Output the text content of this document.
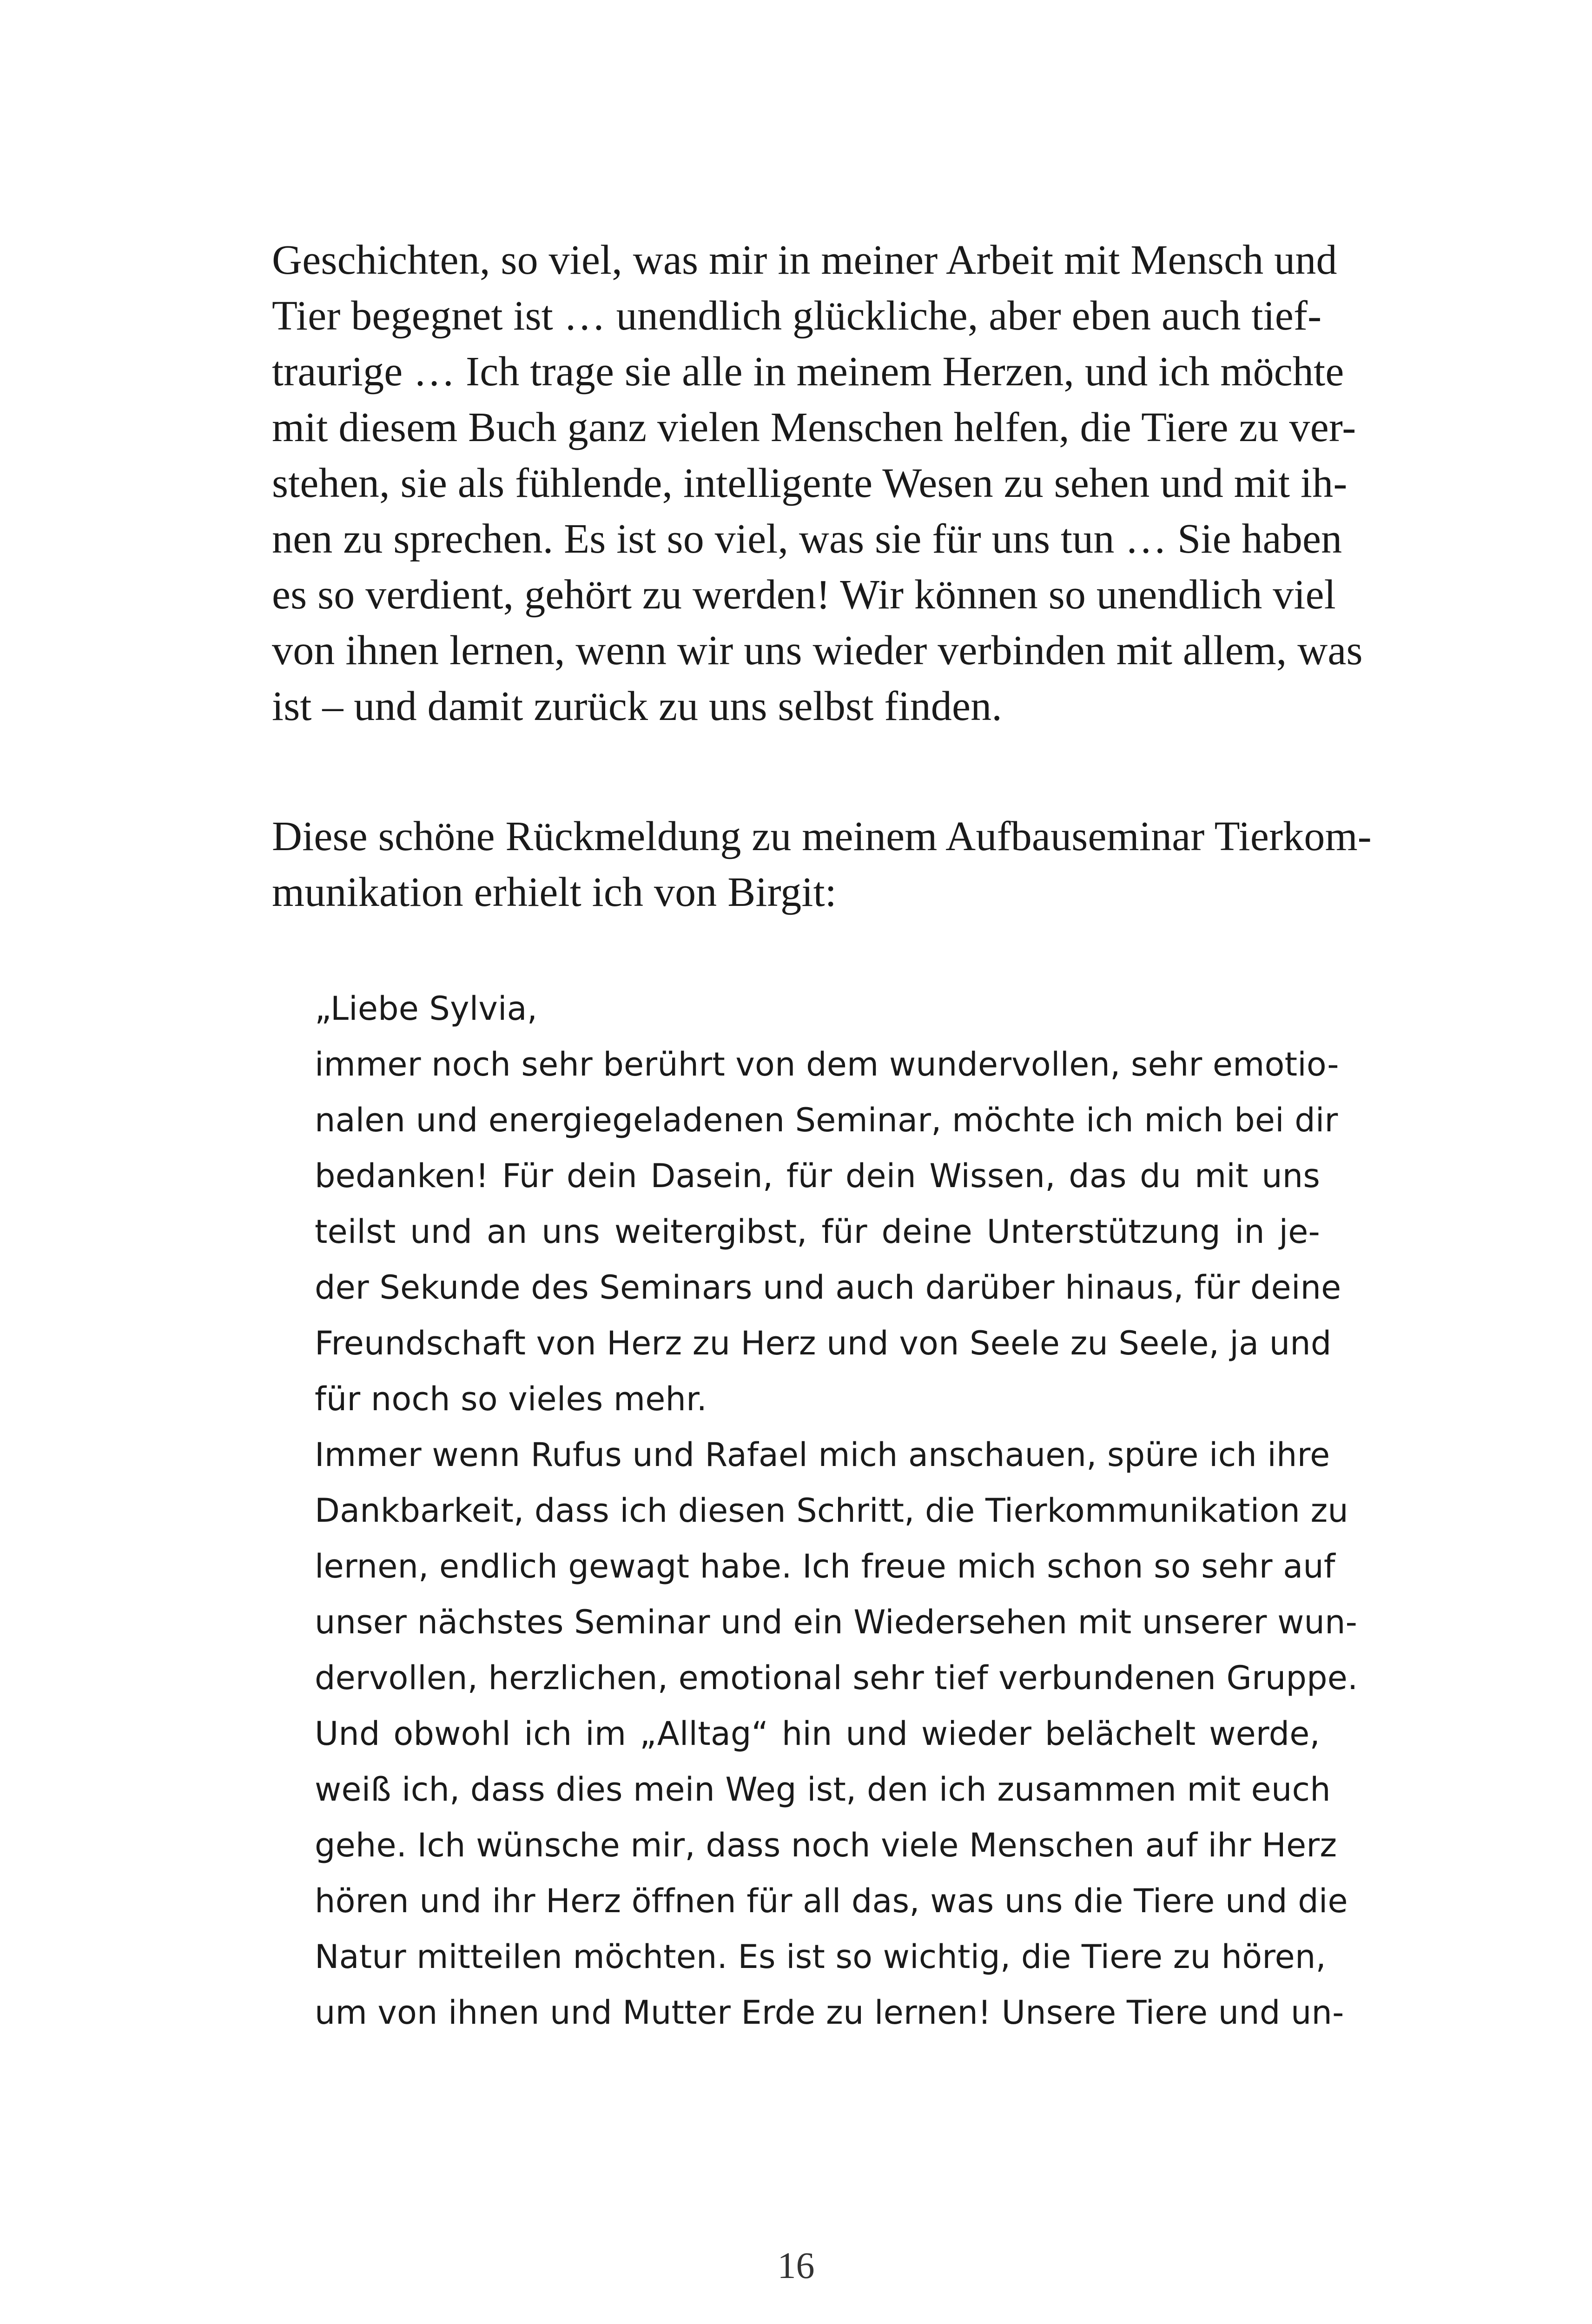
Geschichten, so viel, was mir in meiner Arbeit mit Mensch und
Tier begegnet ist … unendlich glückliche, aber eben auch tief-
traurige … Ich trage sie alle in meinem Herzen, und ich möchte
mit diesem Buch ganz vielen Menschen helfen, die Tiere zu ver-
stehen, sie als fühlende, intelligente Wesen zu sehen und mit ih-
nen zu sprechen. Es ist so viel, was sie für uns tun … Sie haben
es so verdient, gehört zu werden! Wir können so unendlich viel
von ihnen lernen, wenn wir uns wieder verbinden mit allem, was
ist – und damit zurück zu uns selbst finden.
Diese schöne Rückmeldung zu meinem Aufbauseminar Tierkom-
munikation erhielt ich von Birgit:
„Liebe Sylvia,
immer noch sehr berührt von dem wundervollen, sehr emotio-
nalen und energiegeladenen Seminar, möchte ich mich bei dir
bedanken! Für dein Dasein, für dein Wissen, das du mit uns
teilst und an uns weitergibst, für deine Unterstützung in je-
der Sekunde des Seminars und auch darüber hinaus, für deine
Freundschaft von Herz zu Herz und von Seele zu Seele, ja und
für noch so vieles mehr.
Immer wenn Rufus und Rafael mich anschauen, spüre ich ihre
Dankbarkeit, dass ich diesen Schritt, die Tierkommunikation zu
lernen, endlich gewagt habe. Ich freue mich schon so sehr auf
unser nächstes Seminar und ein Wiedersehen mit unserer wun-
dervollen, herzlichen, emotional sehr tief verbundenen Gruppe.
Und obwohl ich im „Alltag“ hin und wieder belächelt werde,
weiß ich, dass dies mein Weg ist, den ich zusammen mit euch
gehe. Ich wünsche mir, dass noch viele Menschen auf ihr Herz
hören und ihr Herz öffnen für all das, was uns die Tiere und die
Natur mitteilen möchten. Es ist so wichtig, die Tiere zu hören,
um von ihnen und Mutter Erde zu lernen! Unsere Tiere und un-
16
